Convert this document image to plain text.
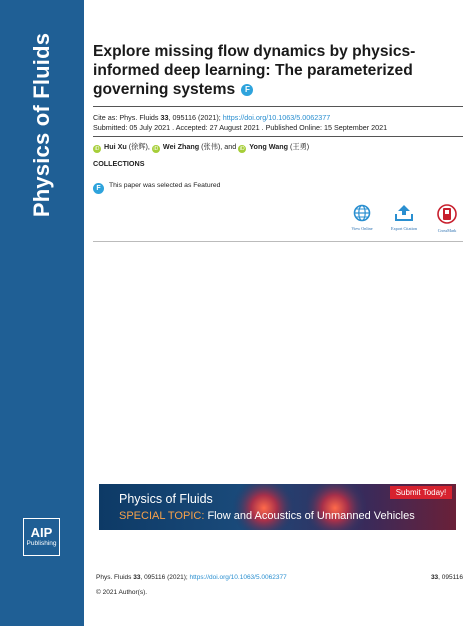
Physics of Fluids
AIP
Publishing
Explore missing flow dynamics by physics-informed deep learning: The parameterized governing systems F
Cite as: Phys. Fluids 33, 095116 (2021); https://doi.org/10.1063/5.0062377
Submitted: 05 July 2021 . Accepted: 27 August 2021 . Published Online: 15 September 2021
iD Hui Xu (徐辉), iD Wei Zhang (张伟), and iD Yong Wang (王勇)
COLLECTIONS
F This paper was selected as Featured
View Online	Export Citation	CrossMark
Physics of Fluids
SPECIAL TOPIC: Flow and Acoustics of Unmanned Vehicles
Submit Today!
Phys. Fluids 33, 095116 (2021); https://doi.org/10.1063/5.0062377	33, 095116
© 2021 Author(s).
